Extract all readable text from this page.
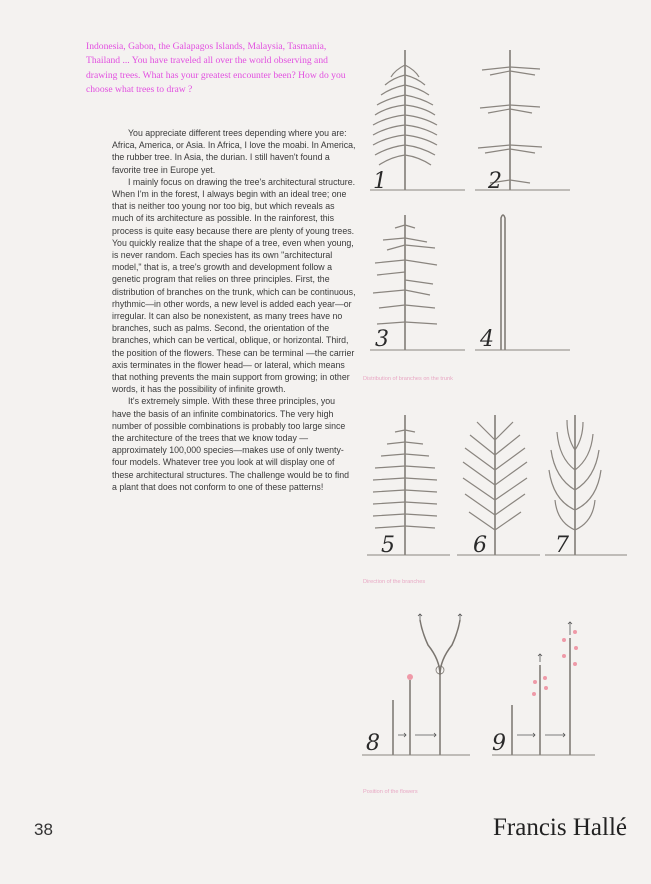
Indonesia, Gabon, the Galapagos Islands, Malaysia, Tasmania, Thailand ... You have traveled all over the world observing and drawing trees. What has your greatest encounter been? How do you choose what trees to draw ?

You appreciate different trees depending where you are: Africa, America, or Asia. In Africa, I love the moabi. In America, the rubber tree. In Asia, the durian. I still haven't found a favorite tree in Europe yet.

I mainly focus on drawing the tree's architectural structure. When I'm in the forest, I always begin with an ideal tree; one that is neither too young nor too big, but which reveals as much of its architecture as possible. In the rainforest, this process is quite easy because there are plenty of young trees. You quickly realize that the shape of a tree, even when young, is never random. Each species has its own "architectural model," that is, a tree's growth and development follow a genetic program that relies on three principles. First, the distribution of branches on the trunk, which can be continuous, rhythmic—in other words, a new level is added each year—or irregular. It can also be nonexistent, as many trees have no branches, such as palms. Second, the orientation of the branches, which can be vertical, oblique, or horizontal. Third, the position of the flowers. These can be terminal —the carrier axis terminates in the flower head— or lateral, which means that nothing prevents the main support from growing; in other words, it has the possibility of infinite growth.

It's extremely simple. With these three principles, you have the basis of an infinite combinatorics. The very high number of possible combinations is probably too large since the architecture of the trees that we know today —approximately 100,000 species—makes use of only twenty-four models. Whatever tree you look at will display one of these architectural structures. The challenge would be to find a plant that does not conform to one of these patterns!

1	2
3	4
Distribution of branches on the trunk
5	6	7
Direction of the branches
8	9
Position of the flowers
38	Francis Hallé
